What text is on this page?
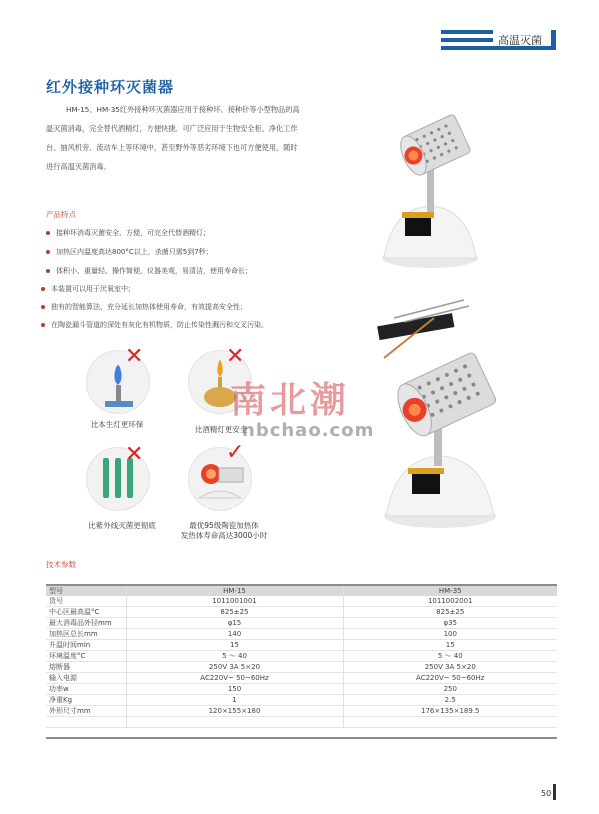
高温灭菌
红外接种环灭菌器

HM-15、HM-35红外接种环灭菌器应用于接种环、接种针等小型物品的高温灭菌消毒，完全替代酒精灯，方便快捷。可广泛应用于生物安全柜、净化工作台、抽风机旁、流动车上等环境中，甚至野外等恶劣环境下也可方便使用，随时进行高温灭菌消毒。

产品特点
接种环消毒灭菌安全、方便，可完全代替酒精灯；
加热区内温度高达800°C以上，杀菌只需5到7秒；
体积小、重量轻、操作简便，仪器美观，易清洁，使用寿命长；
本装置可以用于厌氧室中；
独有的智能算法，充分延长加热体使用寿命，有效提高安全性；
在陶瓷漏斗管道的深处有灰化有机物质，防止传染性溅污和交叉污染。
✕
比本生灯更环保
✕
比酒精灯更安全
✕
比紫外线灭菌更彻底
✓
最优95级陶瓷加热体
发热体寿命高达3000小时
南北潮
nbchao.com
技术参数
型号	HM-15	HM-35
货号	1011001001	1011002001
中心区最高温°C	825±25	825±25
最大消毒品外径mm	φ15	φ35
加热区总长mm	140	100
升温时间min	15	15
环境温度°C	5 ～ 40	5 ～ 40
熔断器	250V 3A 5×20	250V 3A 5×20
输入电源	AC220V~ 50~60Hz	AC220V~ 50~60Hz
功率w	150	250
净重Kg	1	2.5
外形尺寸mm	120×155×180	176×135×189.5

50
